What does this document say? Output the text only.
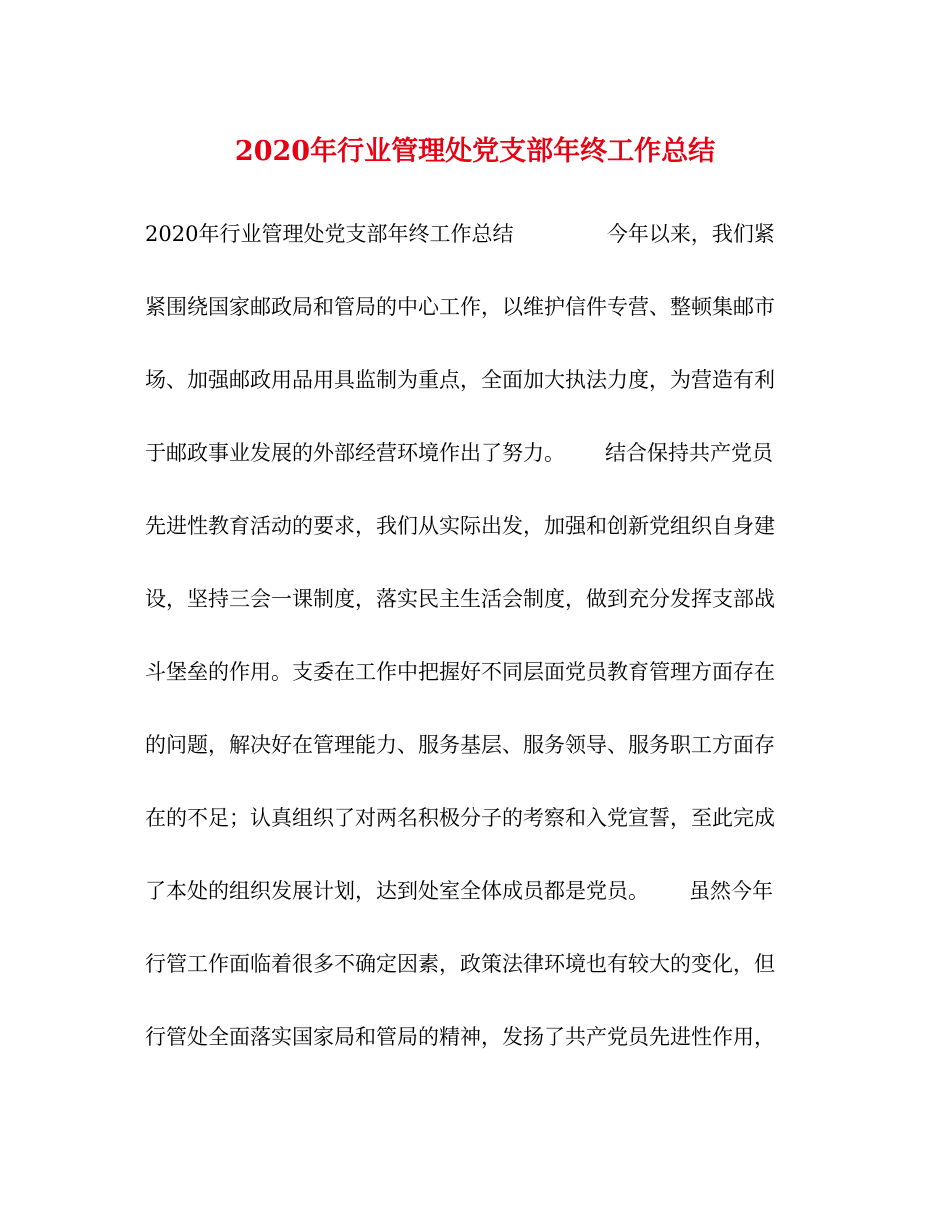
2020年行业管理处党支部年终工作总结
2020年行业管理处党支部年终工作总结              今年以来，我们紧
紧围绕国家邮政局和管局的中心工作，以维护信件专营、整顿集邮市
场、加强邮政用品用具监制为重点，全面加大执法力度，为营造有利
于邮政事业发展的外部经营环境作出了努力。      结合保持共产党员
先进性教育活动的要求，我们从实际出发，加强和创新党组织自身建
设，坚持三会一课制度，落实民主生活会制度，做到充分发挥支部战
斗堡垒的作用。支委在工作中把握好不同层面党员教育管理方面存在
的问题，解决好在管理能力、服务基层、服务领导、服务职工方面存
在的不足；认真组织了对两名积极分子的考察和入党宣誓，至此完成
了本处的组织发展计划，达到处室全体成员都是党员。      虽然今年
行管工作面临着很多不确定因素，政策法律环境也有较大的变化，但
行管处全面落实国家局和管局的精神，发扬了共产党员先进性作用，
